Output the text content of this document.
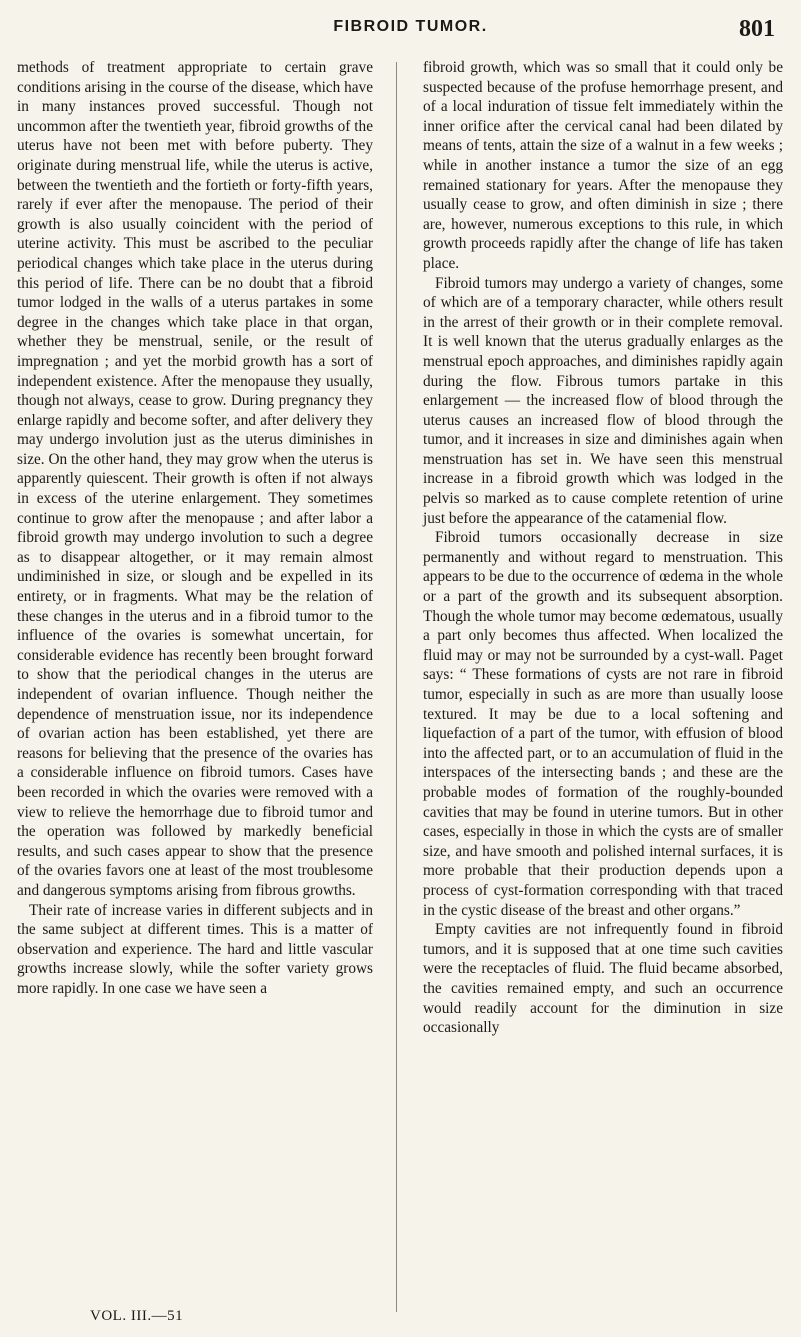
FIBROID TUMOR.	801

methods of treatment appropriate to certain grave conditions arising in the course of the disease, which have in many instances proved successful. Though not uncommon after the twentieth year, fibroid growths of the uterus have not been met with before puberty. They originate during menstrual life, while the uterus is active, between the twentieth and the fortieth or forty-fifth years, rarely if ever after the menopause. The period of their growth is also usually coincident with the period of uterine activity. This must be ascribed to the peculiar periodical changes which take place in the uterus during this period of life. There can be no doubt that a fibroid tumor lodged in the walls of a uterus partakes in some degree in the changes which take place in that organ, whether they be menstrual, senile, or the result of impregnation ; and yet the morbid growth has a sort of independent existence. After the menopause they usually, though not always, cease to grow. During pregnancy they enlarge rapidly and become softer, and after delivery they may undergo involution just as the uterus diminishes in size. On the other hand, they may grow when the uterus is apparently quiescent. Their growth is often if not always in excess of the uterine enlargement. They sometimes continue to grow after the menopause ; and after labor a fibroid growth may undergo involution to such a degree as to disappear altogether, or it may remain almost undiminished in size, or slough and be expelled in its entirety, or in fragments. What may be the relation of these changes in the uterus and in a fibroid tumor to the influence of the ovaries is somewhat uncertain, for considerable evidence has recently been brought forward to show that the periodical changes in the uterus are independent of ovarian influence. Though neither the dependence of menstruation issue, nor its independence of ovarian action has been established, yet there are reasons for believing that the presence of the ovaries has a considerable influence on fibroid tumors. Cases have been recorded in which the ovaries were removed with a view to relieve the hemorrhage due to fibroid tumor and the operation was followed by markedly beneficial results, and such cases appear to show that the presence of the ovaries favors one at least of the most troublesome and dangerous symptoms arising from fibrous growths.

Their rate of increase varies in different subjects and in the same subject at different times. This is a matter of observation and experience. The hard and little vascular growths increase slowly, while the softer variety grows more rapidly. In one case we have seen a

fibroid growth, which was so small that it could only be suspected because of the profuse hemorrhage present, and of a local induration of tissue felt immediately within the inner orifice after the cervical canal had been dilated by means of tents, attain the size of a walnut in a few weeks ; while in another instance a tumor the size of an egg remained stationary for years. After the menopause they usually cease to grow, and often diminish in size ; there are, however, numerous exceptions to this rule, in which growth proceeds rapidly after the change of life has taken place.

Fibroid tumors may undergo a variety of changes, some of which are of a temporary character, while others result in the arrest of their growth or in their complete removal. It is well known that the uterus gradually enlarges as the menstrual epoch approaches, and diminishes rapidly again during the flow. Fibrous tumors partake in this enlargement — the increased flow of blood through the uterus causes an increased flow of blood through the tumor, and it increases in size and diminishes again when menstruation has set in. We have seen this menstrual increase in a fibroid growth which was lodged in the pelvis so marked as to cause complete retention of urine just before the appearance of the catamenial flow.

Fibroid tumors occasionally decrease in size permanently and without regard to menstruation. This appears to be due to the occurrence of œdema in the whole or a part of the growth and its subsequent absorption. Though the whole tumor may become œdematous, usually a part only becomes thus affected. When localized the fluid may or may not be surrounded by a cyst-wall. Paget says: “ These formations of cysts are not rare in fibroid tumor, especially in such as are more than usually loose textured. It may be due to a local softening and liquefaction of a part of the tumor, with effusion of blood into the affected part, or to an accumulation of fluid in the interspaces of the intersecting bands ; and these are the probable modes of formation of the roughly-bounded cavities that may be found in uterine tumors. But in other cases, especially in those in which the cysts are of smaller size, and have smooth and polished internal surfaces, it is more probable that their production depends upon a process of cyst-formation corresponding with that traced in the cystic disease of the breast and other organs.”

Empty cavities are not infrequently found in fibroid tumors, and it is supposed that at one time such cavities were the receptacles of fluid. The fluid became absorbed, the cavities remained empty, and such an occurrence would readily account for the diminution in size occasionally

VOL. III.—51
